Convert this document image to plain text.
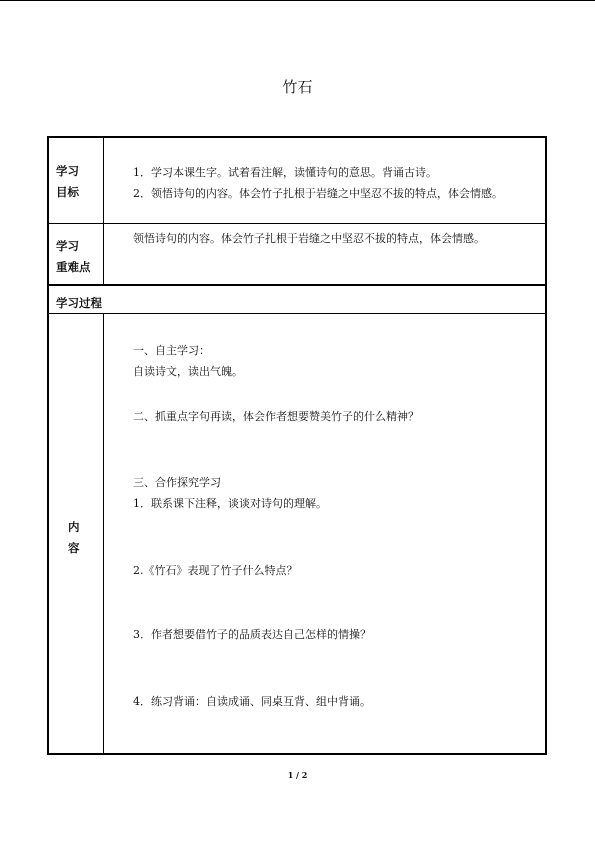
竹石
学习
目标
1．学习本课生字。试着看注解，读懂诗句的意思。背诵古诗。
2．领悟诗句的内容。体会竹子扎根于岩缝之中坚忍不拔的特点，体会情感。
学习
重难点
领悟诗句的内容。体会竹子扎根于岩缝之中坚忍不拔的特点，体会情感。
学习过程
内
容
一、自主学习：
自读诗文，读出气魄。
二、抓重点字句再读，体会作者想要赞美竹子的什么精神？
三、合作探究学习
1．联系课下注释，谈谈对诗句的理解。
2.《竹石》表现了竹子什么特点？
3．作者想要借竹子的品质表达自己怎样的情操？
4．练习背诵：自读成诵、同桌互背、组中背诵。
1 / 2
